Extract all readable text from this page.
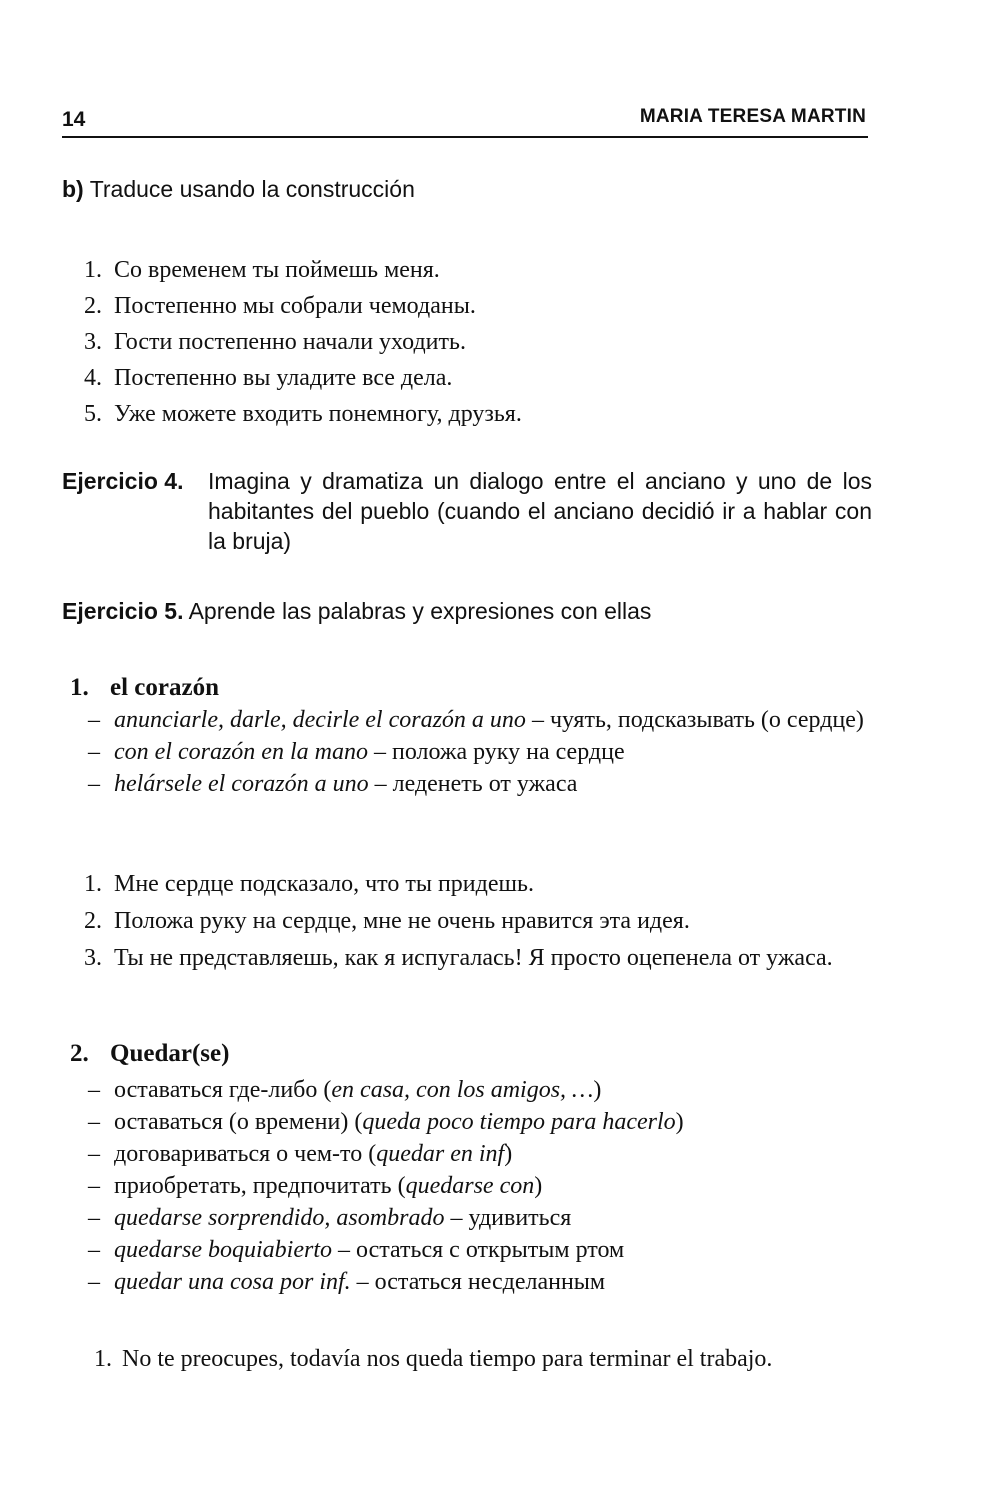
14	MARIA TERESA MARTIN
b) Traduce usando la construcción
1. Со временем ты поймешь меня.
2. Постепенно мы собрали чемоданы.
3. Гости постепенно начали уходить.
4. Постепенно вы уладите все дела.
5. Уже можете входить понемногу, друзья.
Ejercicio 4. Imagina y dramatiza un dialogo entre el anciano y uno de los habitantes del pueblo (cuando el anciano decidió ir a hablar con la bruja)
Ejercicio 5. Aprende las palabras y expresiones con ellas
1. el corazón
– anunciarle, darle, decirle el corazón a uno – чуять, подсказывать (о сердце)
– con el corazón en la mano – положа руку на сердце
– helársele el corazón a uno – леденеть от ужаса
1. Мне сердце подсказало, что ты придешь.
2. Положа руку на сердце, мне не очень нравится эта идея.
3. Ты не представляешь, как я испугалась! Я просто оцепенела от ужаса.
2. Quedar(se)
– оставаться где-либо (en casa, con los amigos, …)
– оставаться (о времени) (queda poco tiempo para hacerlo)
– договариваться о чем-то (quedar en inf)
– приобретать, предпочитать (quedarse con)
– quedarse sorprendido, asombrado – удивиться
– quedarse boquiabierto – остаться с открытым ртом
– quedar una cosa por inf. – остаться несделанным
1. No te preocupes, todavía nos queda tiempo para terminar el trabajo.
